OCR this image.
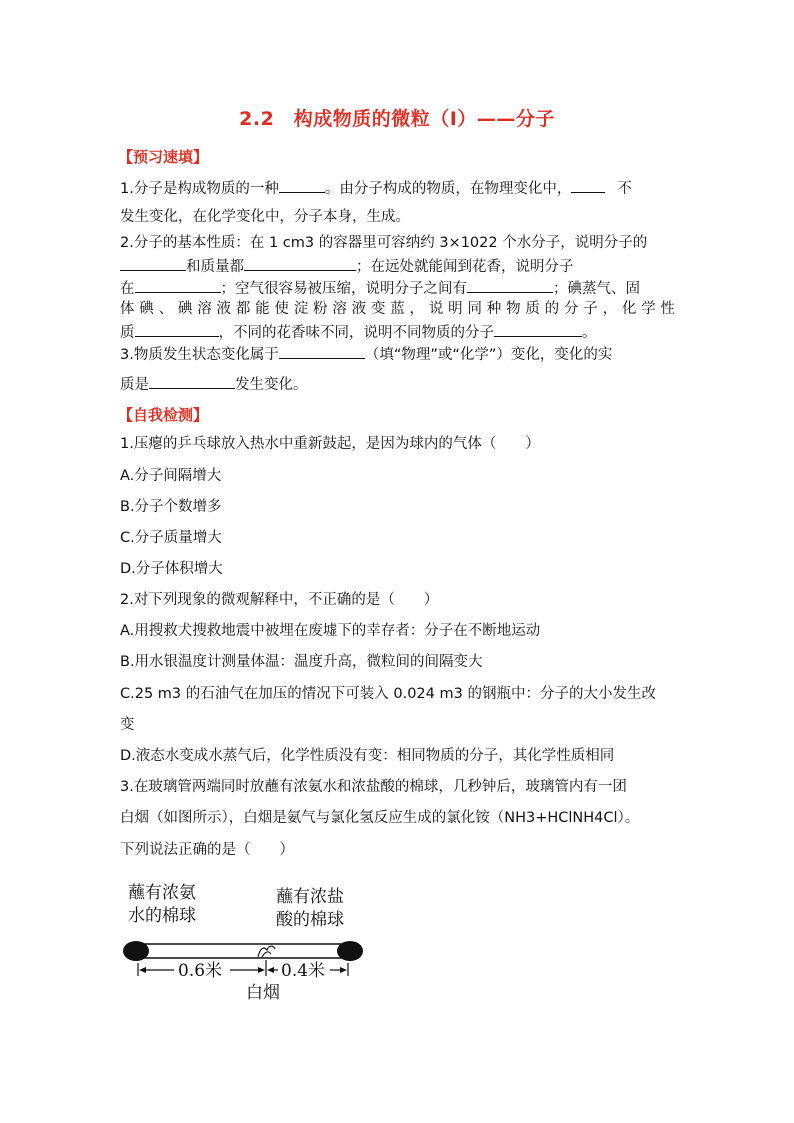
2.2　构成物质的微粒（I）——分子
【预习速填】
1.分子是构成物质的一种	。由分子构成的物质，在物理变化中，	不
发生变化，在化学变化中，分子本身，生成。
2.分子的基本性质：在 1 cm3 的容器里可容纳约 3×1022 个水分子，说明分子的
和质量都	；在远处就能闻到花香，说明分子
在	；空气很容易被压缩，说明分子之间有	；碘蒸气、固
体碘、碘溶液都能使淀粉溶液变蓝，说明同种物质的分子，化学性
质	，不同的花香味不同，说明不同物质的分子	。
3.物质发生状态变化属于	（填“物理”或“化学”）变化，变化的实
质是	发生变化。
【自我检测】
1.压瘪的乒乓球放入热水中重新鼓起，是因为球内的气体（　　）
A.分子间隔增大
B.分子个数增多
C.分子质量增大
D.分子体积增大
2.对下列现象的微观解释中，不正确的是（　　）
A.用搜救犬搜救地震中被埋在废墟下的幸存者：分子在不断地运动
B.用水银温度计测量体温：温度升高，微粒间的间隔变大
C.25 m3 的石油气在加压的情况下可装入 0.024 m3 的钢瓶中：分子的大小发生改
变
D.液态水变成水蒸气后，化学性质没有变：相同物质的分子，其化学性质相同
3.在玻璃管两端同时放蘸有浓氨水和浓盐酸的棉球，几秒钟后，玻璃管内有一团
白烟（如图所示），白烟是氨气与氯化氢反应生成的氯化铵（NH3+HClNH4Cl）。
下列说法正确的是（　　）
蘸有浓氨
水的棉球
蘸有浓盐
酸的棉球
0.6米	0.4米
白烟
